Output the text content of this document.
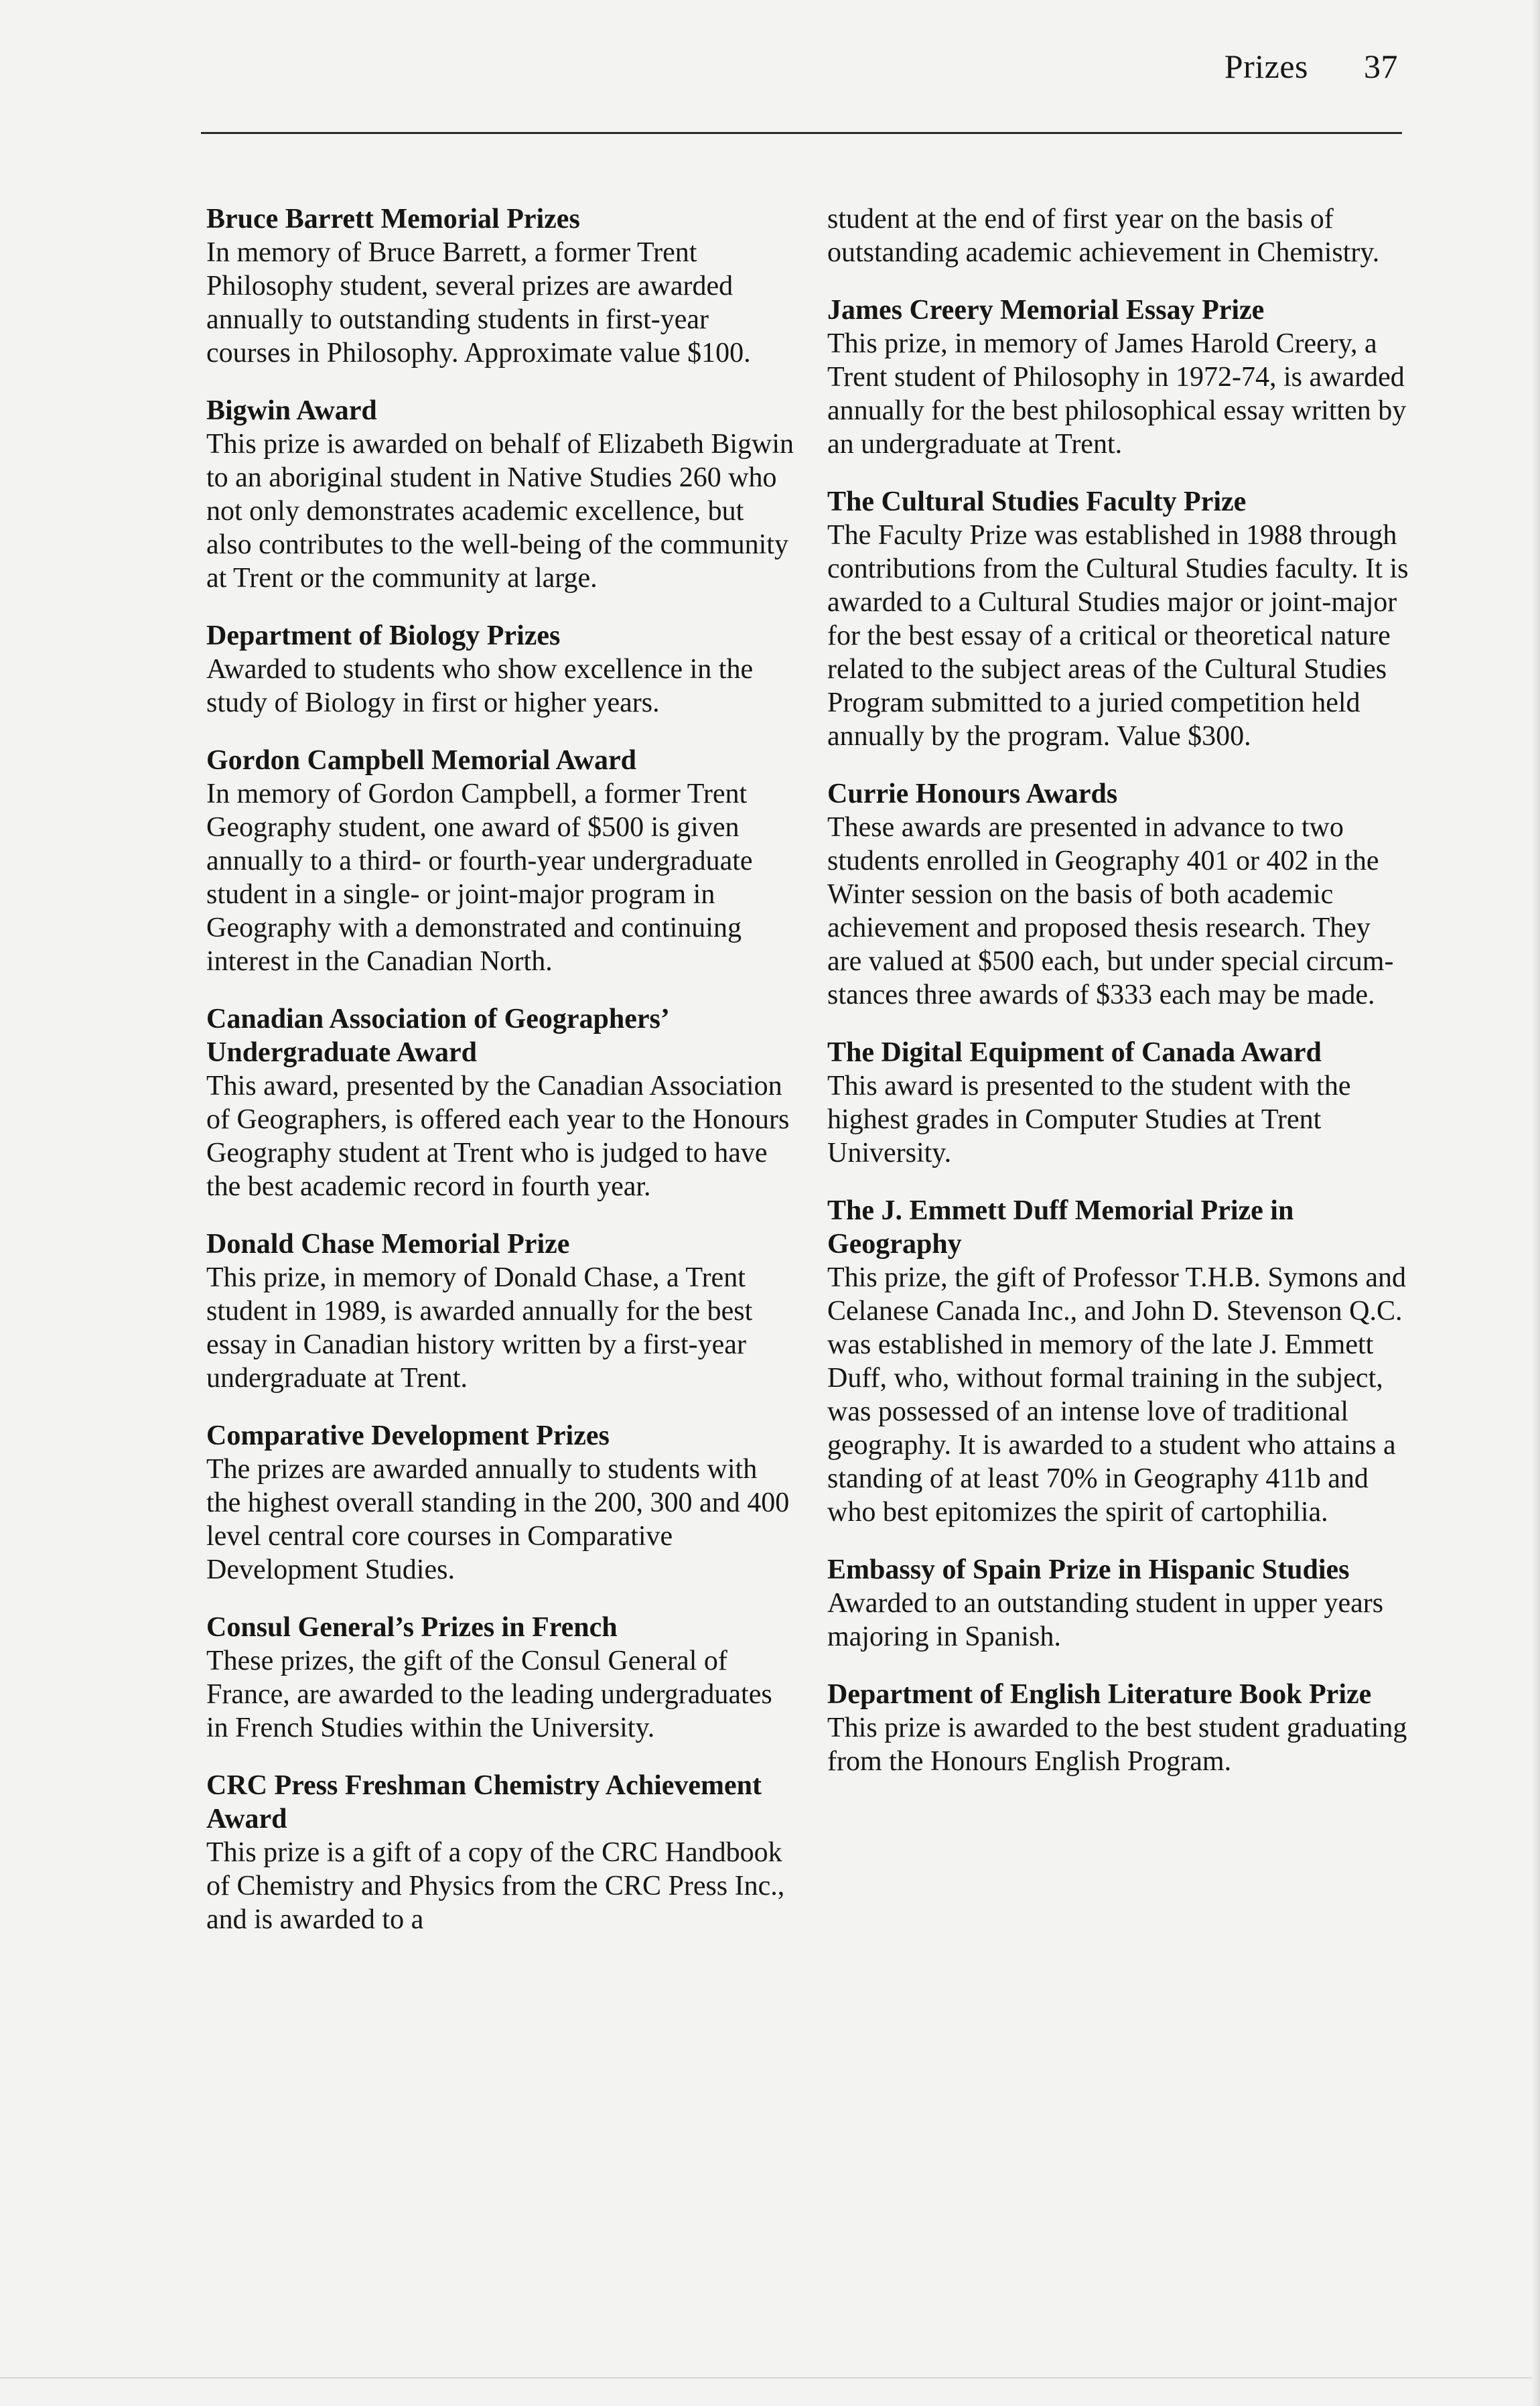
Prizes 37
Bruce Barrett Memorial Prizes
In memory of Bruce Barrett, a former Trent Philosophy student, several prizes are awarded annually to outstanding students in first-year courses in Philosophy. Approximate value $100.
Bigwin Award
This prize is awarded on behalf of Elizabeth Bigwin to an aboriginal student in Native Studies 260 who not only demonstrates academic excellence, but also contributes to the well-being of the community at Trent or the community at large.
Department of Biology Prizes
Awarded to students who show excellence in the study of Biology in first or higher years.
Gordon Campbell Memorial Award
In memory of Gordon Campbell, a former Trent Geography student, one award of $500 is given annually to a third- or fourth-year undergraduate student in a single- or joint-major program in Geography with a demonstrated and continuing interest in the Canadian North.
Canadian Association of Geographers’ Undergraduate Award
This award, presented by the Canadian Association of Geographers, is offered each year to the Honours Geography student at Trent who is judged to have the best academic record in fourth year.
Donald Chase Memorial Prize
This prize, in memory of Donald Chase, a Trent student in 1989, is awarded annually for the best essay in Canadian history written by a first-year undergraduate at Trent.
Comparative Development Prizes
The prizes are awarded annually to students with the highest overall standing in the 200, 300 and 400 level central core courses in Comparative Development Studies.
Consul General’s Prizes in French
These prizes, the gift of the Consul General of France, are awarded to the leading undergraduates in French Studies within the University.
CRC Press Freshman Chemistry Achievement Award
This prize is a gift of a copy of the CRC Handbook of Chemistry and Physics from the CRC Press Inc., and is awarded to a
student at the end of first year on the basis of outstanding academic achievement in Chemistry.
James Creery Memorial Essay Prize
This prize, in memory of James Harold Creery, a Trent student of Philosophy in 1972-74, is awarded annually for the best philosophical essay written by an undergraduate at Trent.
The Cultural Studies Faculty Prize
The Faculty Prize was established in 1988 through contributions from the Cultural Studies faculty. It is awarded to a Cultural Studies major or joint-major for the best essay of a critical or theoretical nature related to the subject areas of the Cultural Studies Program submitted to a juried competition held annually by the program. Value $300.
Currie Honours Awards
These awards are presented in advance to two students enrolled in Geography 401 or 402 in the Winter session on the basis of both academic achievement and proposed thesis research. They are valued at $500 each, but under special circum-stances three awards of $333 each may be made.
The Digital Equipment of Canada Award
This award is presented to the student with the highest grades in Computer Studies at Trent University.
The J. Emmett Duff Memorial Prize in Geography
This prize, the gift of Professor T.H.B. Symons and Celanese Canada Inc., and John D. Stevenson Q.C. was established in memory of the late J. Emmett Duff, who, without formal training in the subject, was possessed of an intense love of traditional geography. It is awarded to a student who attains a standing of at least 70% in Geography 411b and who best epitomizes the spirit of cartophilia.
Embassy of Spain Prize in Hispanic Studies
Awarded to an outstanding student in upper years majoring in Spanish.
Department of English Literature Book Prize
This prize is awarded to the best student graduating from the Honours English Program.
